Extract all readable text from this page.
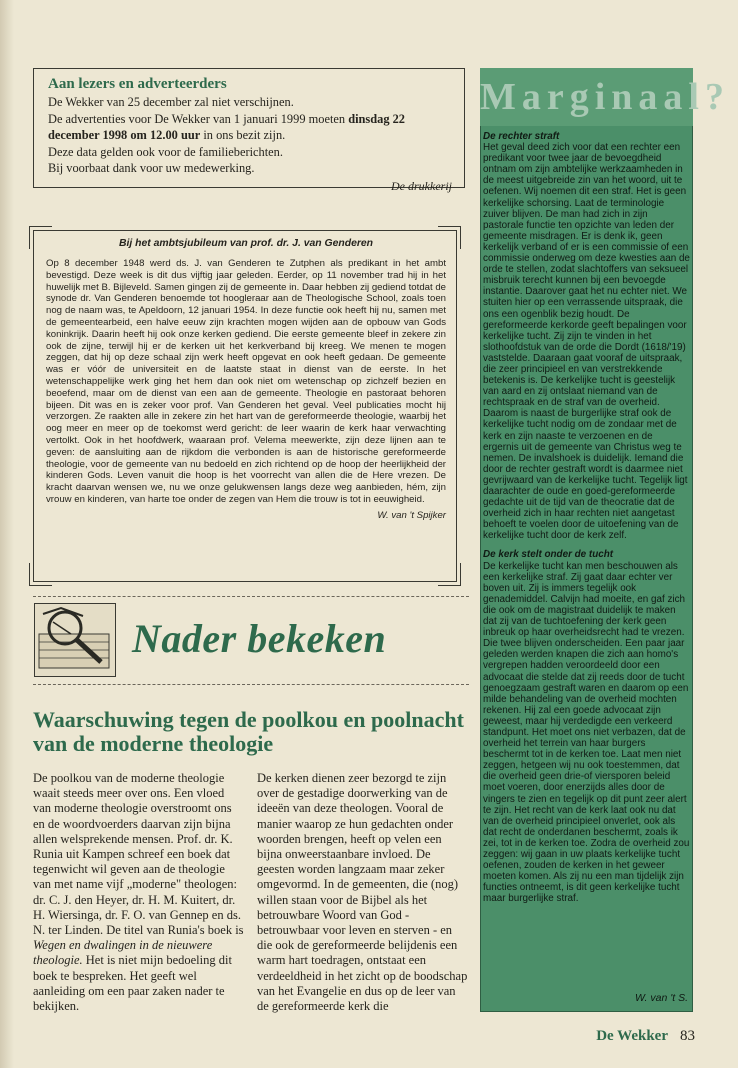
Aan lezers en adverteerders
De Wekker van 25 december zal niet verschijnen.
De advertenties voor De Wekker van 1 januari 1999 moeten dinsdag 22 december 1998 om 12.00 uur in ons bezit zijn.
Deze data gelden ook voor de familieberichten.
Bij voorbaat dank voor uw medewerking.
De drukkerij
Bij het ambtsjubileum van prof. dr. J. van Genderen

Op 8 december 1948 werd ds. J. van Genderen te Zutphen als predikant in het ambt bevestigd. Deze week is dit dus vijftig jaar geleden. Eerder, op 11 november trad hij in het huwelijk met B. Bijleveld. Samen gingen zij de gemeente in. Daar hebben zij gediend totdat de synode dr. Van Genderen benoemde tot hoogleraar aan de Theologische School, zoals toen nog de naam was, te Apeldoorn, 12 januari 1954. In deze functie ook heeft hij nu, samen met de gemeentearbeid, een halve eeuw zijn krachten mogen wijden aan de opbouw van Gods koninkrijk. Daarin heeft hij ook onze kerken gediend. Die eerste gemeente bleef in zekere zin ook de zijne, terwijl hij er de kerken uit het kerkverband bij kreeg. We menen te mogen zeggen, dat hij op deze schaal zijn werk heeft opgevat en ook heeft gedaan. De gemeente was er vóór de universiteit en de laatste staat in dienst van de eerste. In het wetenschappelijke werk ging het hem dan ook niet om wetenschap op zichzelf bezien en beoefend, maar om de dienst van een aan de gemeente. Theologie en pastoraat behoren bijeen. Dit was en is zeker voor prof. Van Genderen het geval. Veel publicaties mocht hij verzorgen. Ze raakten alle in zekere zin het hart van de gereformeerde theologie, waarbij het oog meer en meer op de toekomst werd gericht: de leer waarin de kerk haar verwachting vertolkt. Ook in het hoofdwerk, waaraan prof. Velema meewerkte, zijn deze lijnen aan te geven: de aansluiting aan de rijkdom die verbonden is aan de historische gereformeerde theologie, voor de gemeente van nu bedoeld en zich richtend op de hoop der heerlijkheid der kinderen Gods. Leven vanuit die hoop is het voorrecht van allen die de Here vrezen. De kracht daarvan wensen we, nu we onze gelukwensen langs deze weg aanbieden, hém, zijn vrouw en kinderen, van harte toe onder de zegen van Hem die trouw is tot in eeuwigheid.

W. van 't Spijker
Nader bekeken
Waarschuwing tegen de poolkou en poolnacht van de moderne theologie

De poolkou van de moderne theologie waait steeds meer over ons. Een vloed van moderne theologie overstroomt ons en de woordvoerders daarvan zijn bijna allen welsprekende mensen. Prof. dr. K. Runia uit Kampen schreef een boek dat tegenwicht wil geven aan de theologie van met name vijf „moderne" theologen: dr. C. J. den Heyer, dr. H. M. Kuitert, dr. H. Wiersinga, dr. F. O. van Gennep en ds. N. ter Linden. De titel van Runia's boek is Wegen en dwalingen in de nieuwere theologie. Het is niet mijn bedoeling dit boek te bespreken. Het geeft wel aanleiding om een paar zaken nader te bekijken.

De kerken dienen zeer bezorgd te zijn over de gestadige doorwerking van de ideeën van deze theologen. Vooral de manier waarop ze hun gedachten onder woorden brengen, heeft op velen een bijna onweerstaanbare invloed. De geesten worden langzaam maar zeker omgevormd. In de gemeenten, die (nog) willen staan voor de Bijbel als het betrouwbare Woord van God - betrouwbaar voor leven en sterven - en die ook de gereformeerde belijdenis een warm hart toedragen, ontstaat een verdeeldheid in het zicht op de boodschap van het Evangelie en dus op de leer van de gereformeerde kerk die

Marginaal?
De rechter straft

Het geval deed zich voor dat een rechter een predikant voor twee jaar de bevoegdheid ontnam om zijn ambtelijke werkzaamheden in de meest uitgebreide zin van het woord, uit te oefenen. Wij noemen dit een straf. Het is geen kerkelijke schorsing. Laat de terminologie zuiver blijven. De man had zich in zijn pastorale functie ten opzichte van leden der gemeente misdragen. Er is denk ik, geen kerkelijk verband of er is een commissie of een commissie onderweg om deze kwesties aan de orde te stellen, zodat slachtoffers van seksueel misbruik terecht kunnen bij een bevoegde instantie. Daarover gaat het nu echter niet. We stuiten hier op een verrassende uitspraak, die ons een ogenblik bezig houdt. De gereformeerde kerkorde geeft bepalingen voor kerkelijke tucht. Zij zijn te vinden in het slothoofdstuk van de orde die Dordt (1618/'19) vaststelde. Daaraan gaat vooraf de uitspraak, die zeer principieel en van verstrekkende betekenis is. De kerkelijke tucht is geestelijk van aard en zij ontslaat niemand van de rechtspraak en de straf van de overheid. Daarom is naast de burgerlijke straf ook de kerkelijke tucht nodig om de zondaar met de kerk en zijn naaste te verzoenen en de ergernis uit de gemeente van Christus weg te nemen. De invalshoek is duidelijk. Iemand die door de rechter gestraft wordt is daarmee niet gevrijwaard van de kerkelijke tucht. Tegelijk ligt daarachter de oude en goed-gereformeerde gedachte uit de tijd van de theocratie dat de overheid zich in haar rechten niet aangetast behoeft te voelen door de uitoefening van de kerkelijke tucht door de kerk zelf.

De kerk stelt onder de tucht

De kerkelijke tucht kan men beschouwen als een kerkelijke straf. Zij gaat daar echter ver boven uit. Zij is immers tegelijk ook genademiddel. Calvijn had moeite, en gaf zich die ook om de magistraat duidelijk te maken dat zij van de tuchtoefening der kerk geen inbreuk op haar overheidsrecht had te vrezen. Die twee blijven onderscheiden. Een paar jaar geleden werden knapen die zich aan homo's vergrepen hadden veroordeeld door een advocaat die stelde dat zij reeds door de tucht genoegzaam gestraft waren en daarom op een milde behandeling van de overheid mochten rekenen. Hij zal een goede advocaat zijn geweest, maar hij verdedigde een verkeerd standpunt. Het moet ons niet verbazen, dat de overheid het terrein van haar burgers beschermt tot in de kerken toe. Laat men niet zeggen, hetgeen wij nu ook toestemmen, dat die overheid geen drie-of viersporen beleid moet voeren, door enerzijds alles door de vingers te zien en tegelijk op dit punt zeer alert te zijn. Het recht van de kerk laat ook nu dat van de overheid principieel onverlet, ook als dat recht de onderdanen beschermt, zoals ik zei, tot in de kerken toe. Zodra de overheid zou zeggen: wij gaan in uw plaats kerkelijke tucht oefenen, zouden de kerken in het geweer moeten komen. Als zij nu een man tijdelijk zijn functies ontneemt, is dit geen kerkelijke tucht maar burgerlijke straf.

W. van 't S.
De Wekker 83
